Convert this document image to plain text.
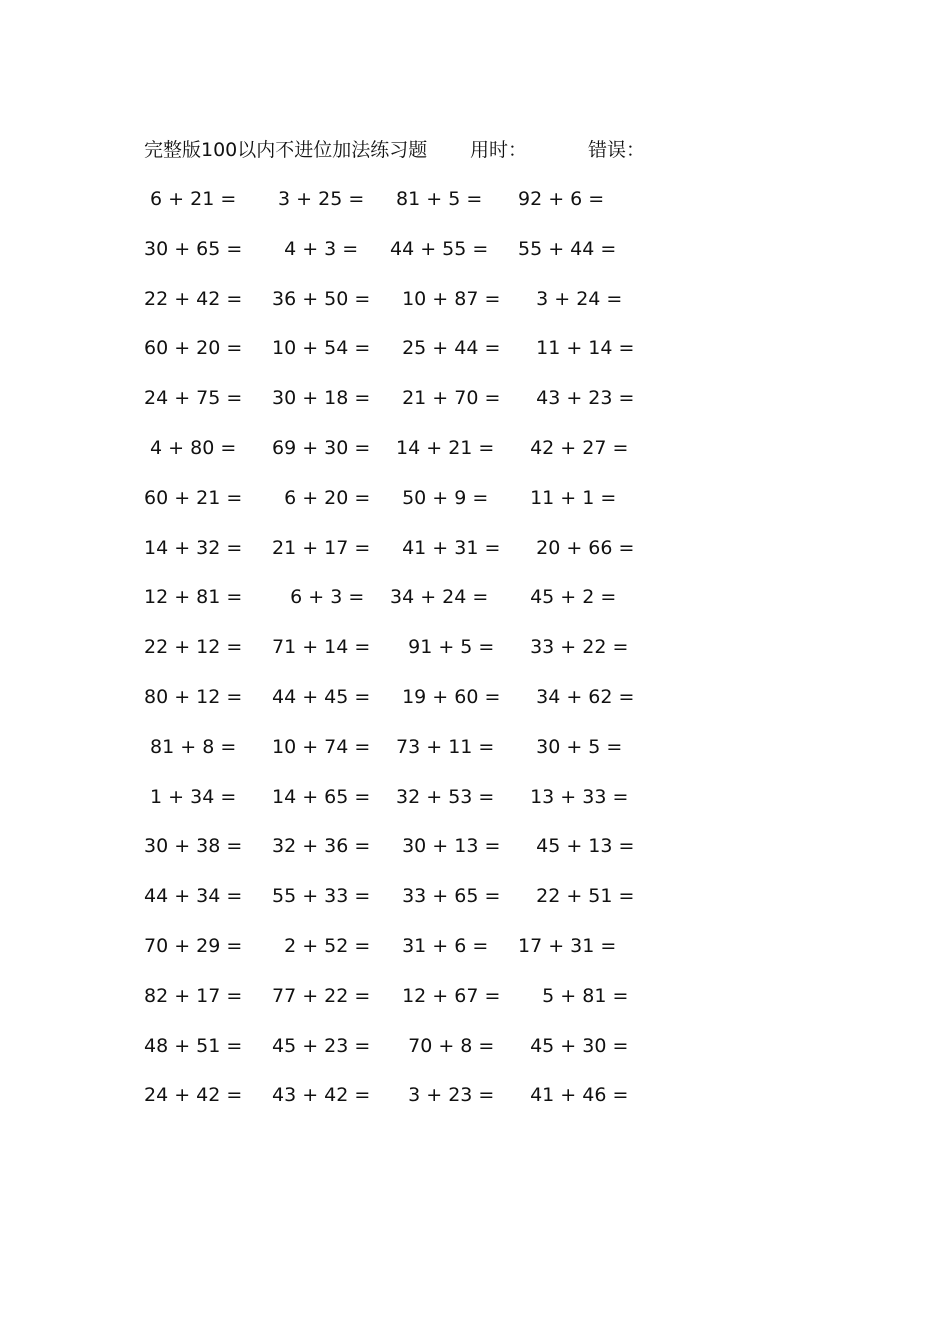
完整版100以内不进位加法练习题 用时：	错误：
6 + 21 =	3 + 25 =	81 + 5 =	92 + 6 =
30 + 65 =	4 + 3 =	44 + 55 =	55 + 44 =
22 + 42 =	36 + 50 =	10 + 87 = 3 + 24 =
60 + 20 =	10 + 54 =	25 + 44 = 11 + 14 =
24 + 75 =	30 + 18 =	21 + 70 = 43 + 23 =
4 + 80 =	69 + 30 =	14 + 21 =	42 + 27 =
60 + 21 =	6 + 20 =	50 + 9 =	11 + 1 =
14 + 32 =	21 + 17 =	41 + 31 = 20 + 66 =
12 + 81 =	6 + 3 =	34 + 24 =	45 + 2 =
22 + 12 =	71 + 14 =	91 + 5 =	33 + 22 =
80 + 12 =	44 + 45 =	19 + 60 = 34 + 62 =
81 + 8 =	10 + 74 =	73 + 11 =	30 + 5 =
1 + 34 =	14 + 65 =	32 + 53 =	13 + 33 =
30 + 38 =	32 + 36 =	30 + 13 = 45 + 13 =
44 + 34 =	55 + 33 =	33 + 65 = 22 + 51 =
70 + 29 =	2 + 52 =	31 + 6 =	17 + 31 =
82 + 17 =	77 + 22 =	12 + 67 = 5 + 81 =
48 + 51 =	45 + 23 =	70 + 8 =	45 + 30 =
24 + 42 =	43 + 42 =	3 + 23 =	41 + 46 =
